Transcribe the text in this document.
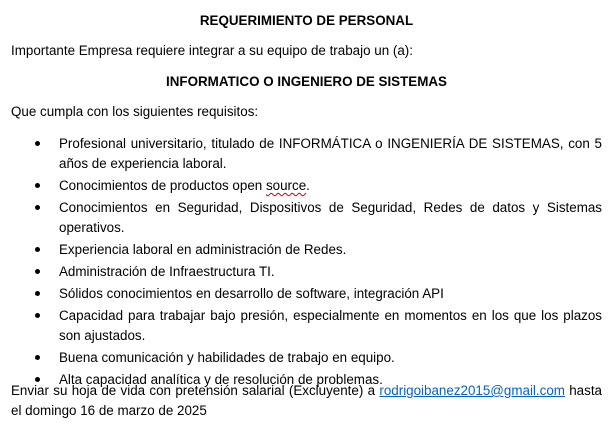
REQUERIMIENTO DE PERSONAL
Importante Empresa requiere integrar a su equipo de trabajo un (a):
INFORMATICO O INGENIERO DE SISTEMAS
Que cumpla con los siguientes requisitos:
Profesional universitario, titulado de INFORMÁTICA o INGENIERÍA DE SISTEMAS, con 5 años de experiencia laboral.
Conocimientos de productos open source.
Conocimientos en Seguridad, Dispositivos de Seguridad, Redes de datos y Sistemas operativos.
Experiencia laboral en administración de Redes.
Administración de Infraestructura TI.
Sólidos conocimientos en desarrollo de software, integración API
Capacidad para trabajar bajo presión, especialmente en momentos en los que los plazos son ajustados.
Buena comunicación y habilidades de trabajo en equipo.
Alta capacidad analítica y de resolución de problemas.
Enviar su hoja de vida con pretensión salarial (Excluyente) a rodrigoibanez2015@gmail.com hasta el domingo 16 de marzo de 2025
